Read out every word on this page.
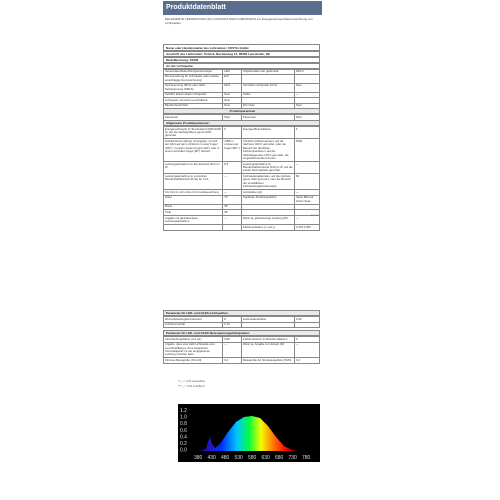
Produktdatenblatt
DELEGIERTE VERORDNUNG (EU) 2019/2015 DER KOMMISSION zur Energieverbrauchskennzeichnung von Lichtquellen
Name oder Handelsmarke des Lieferanten: COSTin GmbH
Anschrift des Lieferanten: Pcmick, Buchenweg 12, 96359 Leerstetten, DE
Modellkennung: 22309
Art der Lichtquelle:
Verwendete Beleuchtungstechnologie:	LED	Ungebündelt oder gebündelt:	NDLS
Mit Ausnutzung für Lichtquelle (oder andere einschlägige Kennzeichnung):	E27		
Netzspannung (MLS) oder Nicht-Netzspannung (NMLS):	MLS	Vernetzte Lichtquelle (CLS):	Nein
Farblich abstimmbare Lichtquelle:	Nein	Kolbe:	—
Lichtquelle mit hoher Leuchtdichte:	Nein		
Blendschutzschild:	Nein	Dimmbar:	Nein
Produktparameter
Parameter	Wert	Parameter	Wert
Allgemeine Produktparameter:
Energieverbrauch im Ein-Zustand (kWh/1000 h), auf die nächstgrößere ganze Zahl gerundet	9	Energieeffizienzklasse	F
Nutzlichtstrom (Φuse) mit Angabe, ob sich der Wert auf den Lichtstrom in einer Kugel (360°), in einem weiten Kegel (120°) oder in einem schmalen Kegel (90°) bezieht	1055 in Lm(aus der Kugel 360 °)	Ähnliche Farbtemperatur, auf die nächsten 100 K gerundet, oder der Bereich der ähnlichen Farbtemperaturen, auf die nächstliegenden 100 K gerundet, die eingestellt werden können	5000
Leistungsaufnahme im Ein-Zustand (Pon) in W	8,5	Leistungsaufnahme im Bereitschaftszustand (Psb) in W, auf die zweite Dezimalstelle gerundet	—
Leistungsaufnahme im vernetzten Bereitschaftsbetrieb (Pnet) für CLS	—	Farbwiedergabeindex, auf die nächste ganze Zahl gerundet, oder der Bereich der einstellbaren Farbwiedergabeindexwerte	80
Für CLS in ut/m ohne für Innenbeleuchtung	—	Lichtstärke (cd)	—
Höhe	76	Spektrale Strahlungsdichte	Siehe Bild auf letzter Seite
Breite	58		
Tiefe	58		
Angabe zur gleichwertigen Leistungsaufnahme	—	Wenn ja, gleichwertige Leistung (W)	—
		Farbkoordinaten (x und y)	0,343 0,355
S. 1/1
Parameter für LED- und OLED-Lichtquellen:
R9-Farbwiedergabeindexwert	8	Lebensdauerfaktor	0,90
Lichtstromerhalt	0,70		
Parameter für LED- und OLED-Netzspannungslichtquellen:
Verschiebungsfaktor (cos φ1)	0,90	Farbkonsistenz in McAdam-Ellipsen	6
Angabe, dass eine LED-Lichtquelle eine Leuchtstofflampe ohne integriertes Vorschaltgerät mit der angegebenen Leistung ersetzen kann	—	Wenn ja, Angabe zum Ersatz (W)	—
Flimmer-Messgröße (Pst LM)	0,4	Messgröße für Stroboskopeffekt (SVM)	0,4
*) "—" nicht anwendbar
**) "—" nicht zutreffend
1.2
1.0
0.8
0.6
0.4
0.2
0.0
380 430 480 530 580 630 680 730 780
